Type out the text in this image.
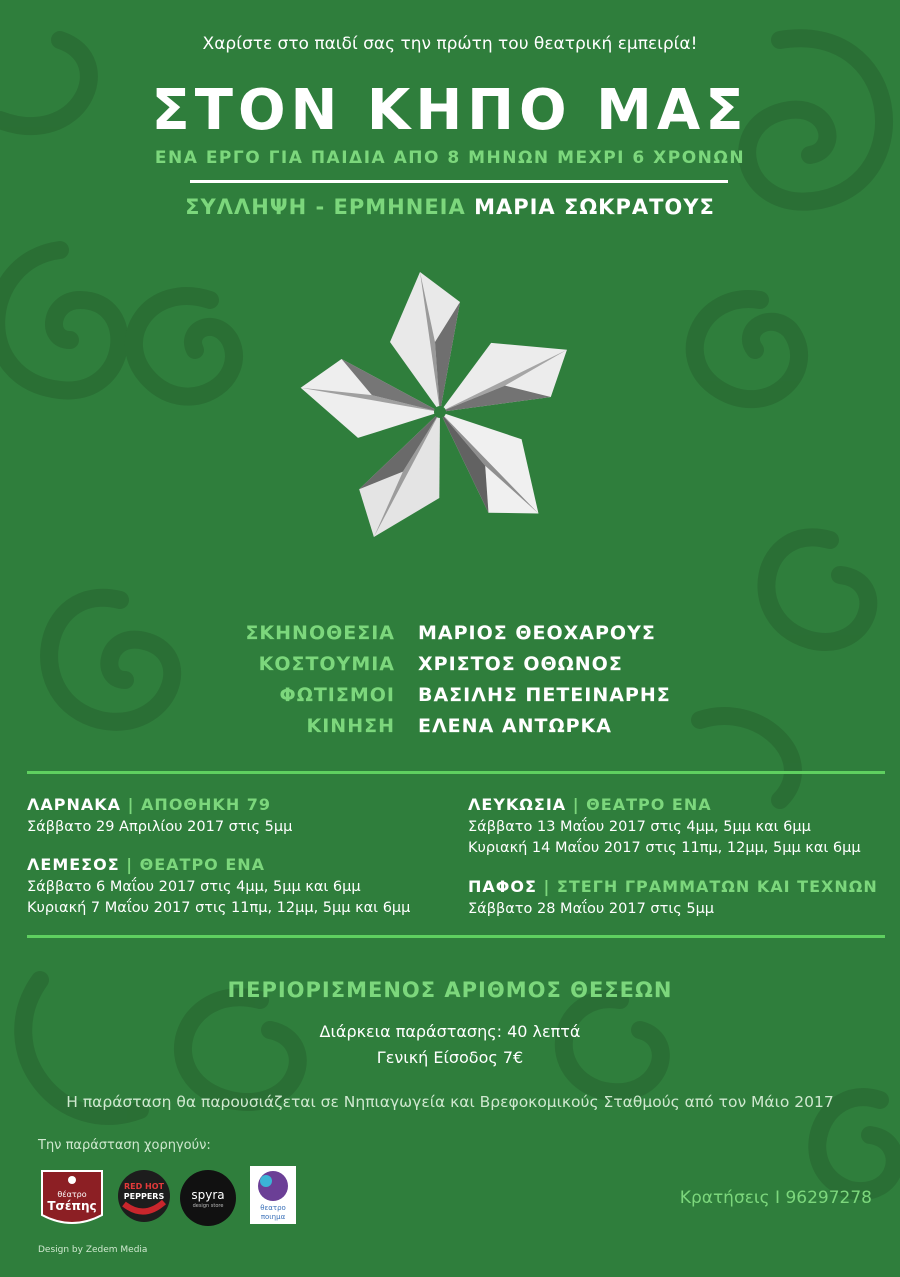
Χαρίστε στο παιδί σας την πρώτη του θεατρική εμπειρία!
ΣΤΟΝ ΚΗΠΟ ΜΑΣ
ΕΝΑ ΕΡΓΟ ΓΙΑ ΠΑΙΔΙΑ ΑΠΟ 8 ΜΗΝΩΝ ΜΕΧΡΙ 6 ΧΡΟΝΩΝ
ΣΥΛΛΗΨΗ - ΕΡΜΗΝΕΙΑ ΜΑΡΙΑ ΣΩΚΡΑΤΟΥΣ
ΣΚΗΝΟΘΕΣΙΑ ΜΑΡΙΟΣ ΘΕΟΧΑΡΟΥΣ
ΚΟΣΤΟΥΜΙΑ ΧΡΙΣΤΟΣ ΟΘΩΝΟΣ
ΦΩΤΙΣΜΟΙ ΒΑΣΙΛΗΣ ΠΕΤΕΙΝΑΡΗΣ
ΚΙΝΗΣΗ ΕΛΕΝΑ ΑΝΤΩΡΚΑ
ΛΑΡΝΑΚΑ | ΑΠΟΘΗΚΗ 79
Σάββατο 29 Απριλίου 2017 στις 5μμ
ΛΕΜΕΣΟΣ | ΘΕΑΤΡΟ ΕΝΑ
Σάββατο 6 Μαΐου 2017 στις 4μμ, 5μμ και 6μμ
Κυριακή 7 Μαΐου 2017 στις 11πμ, 12μμ, 5μμ και 6μμ
ΛΕΥΚΩΣΙΑ | ΘΕΑΤΡΟ ΕΝΑ
Σάββατο 13 Μαΐου 2017 στις 4μμ, 5μμ και 6μμ
Κυριακή 14 Μαΐου 2017 στις 11πμ, 12μμ, 5μμ και 6μμ
ΠΑΦΟΣ | ΣΤΕΓΗ ΓΡΑΜΜΑΤΩΝ ΚΑΙ ΤΕΧΝΩΝ
Σάββατο 28 Μαΐου 2017 στις 5μμ
ΠΕΡΙΟΡΙΣΜΕΝΟΣ ΑΡΙΘΜΟΣ ΘΕΣΕΩΝ
Διάρκεια παράστασης: 40 λεπτά
Γενική Είσοδος 7€
Η παράσταση θα παρουσιάζεται σε Νηπιαγωγεία και Βρεφοκομικούς Σταθμούς από τον Μάιο 2017
Την παράσταση χορηγούν:
θέατρο
Τσέπης
RED HOT
PEPPERS	spyra
design store	θεατρο
ποιημα
Κρατήσεις Ι 96297278
Design by Zedem Media
